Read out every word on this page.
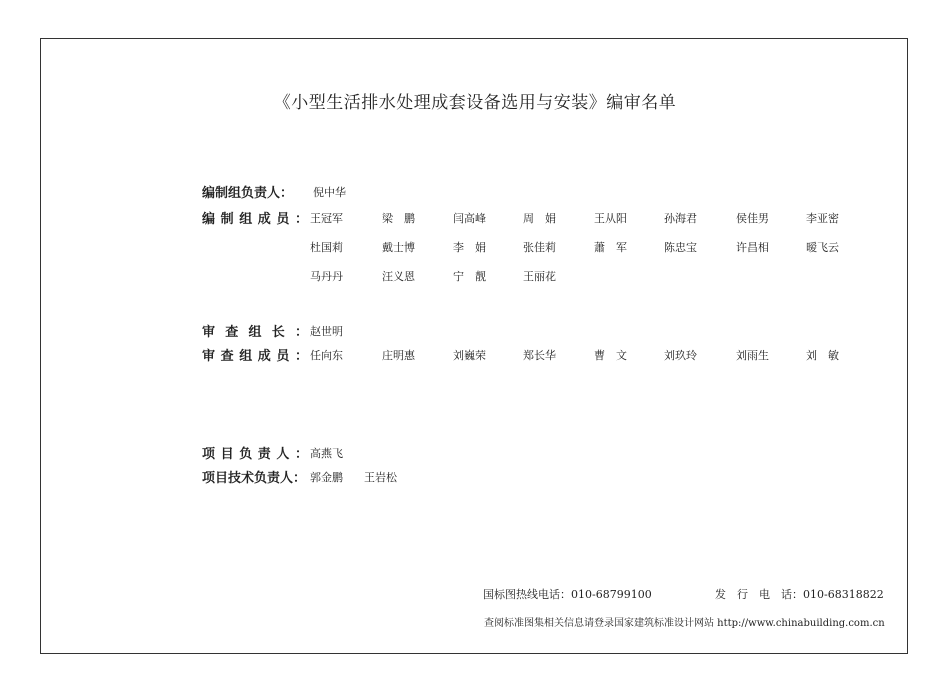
《小型生活排水处理成套设备选用与安装》编审名单
编制组负责人：	倪中华
编制组成员： 王冠军	梁　鹏	闫高峰	周　娟	王从阳	孙海君	侯佳男	李亚密
杜国莉	戴士博	李　娟	张佳莉	蕭　军	陈忠宝	许昌相	暧飞云
马丹丹	汪义恩	宁　靓	王丽花
审查组长： 赵世明
审查组成员： 任向东	庄明惠	刘巍荣	郑长华	曹　文	刘玖玲	刘雨生	刘　敏
项目负责人： 高燕飞
项目技术负责人： 郭金鹏 王岩松
国标图热线电话：010-68799100	发　行　电　话：010-68318822
查阅标准图集相关信息请登录国家建筑标准设计网站 http://www.chinabuilding.com.cn
